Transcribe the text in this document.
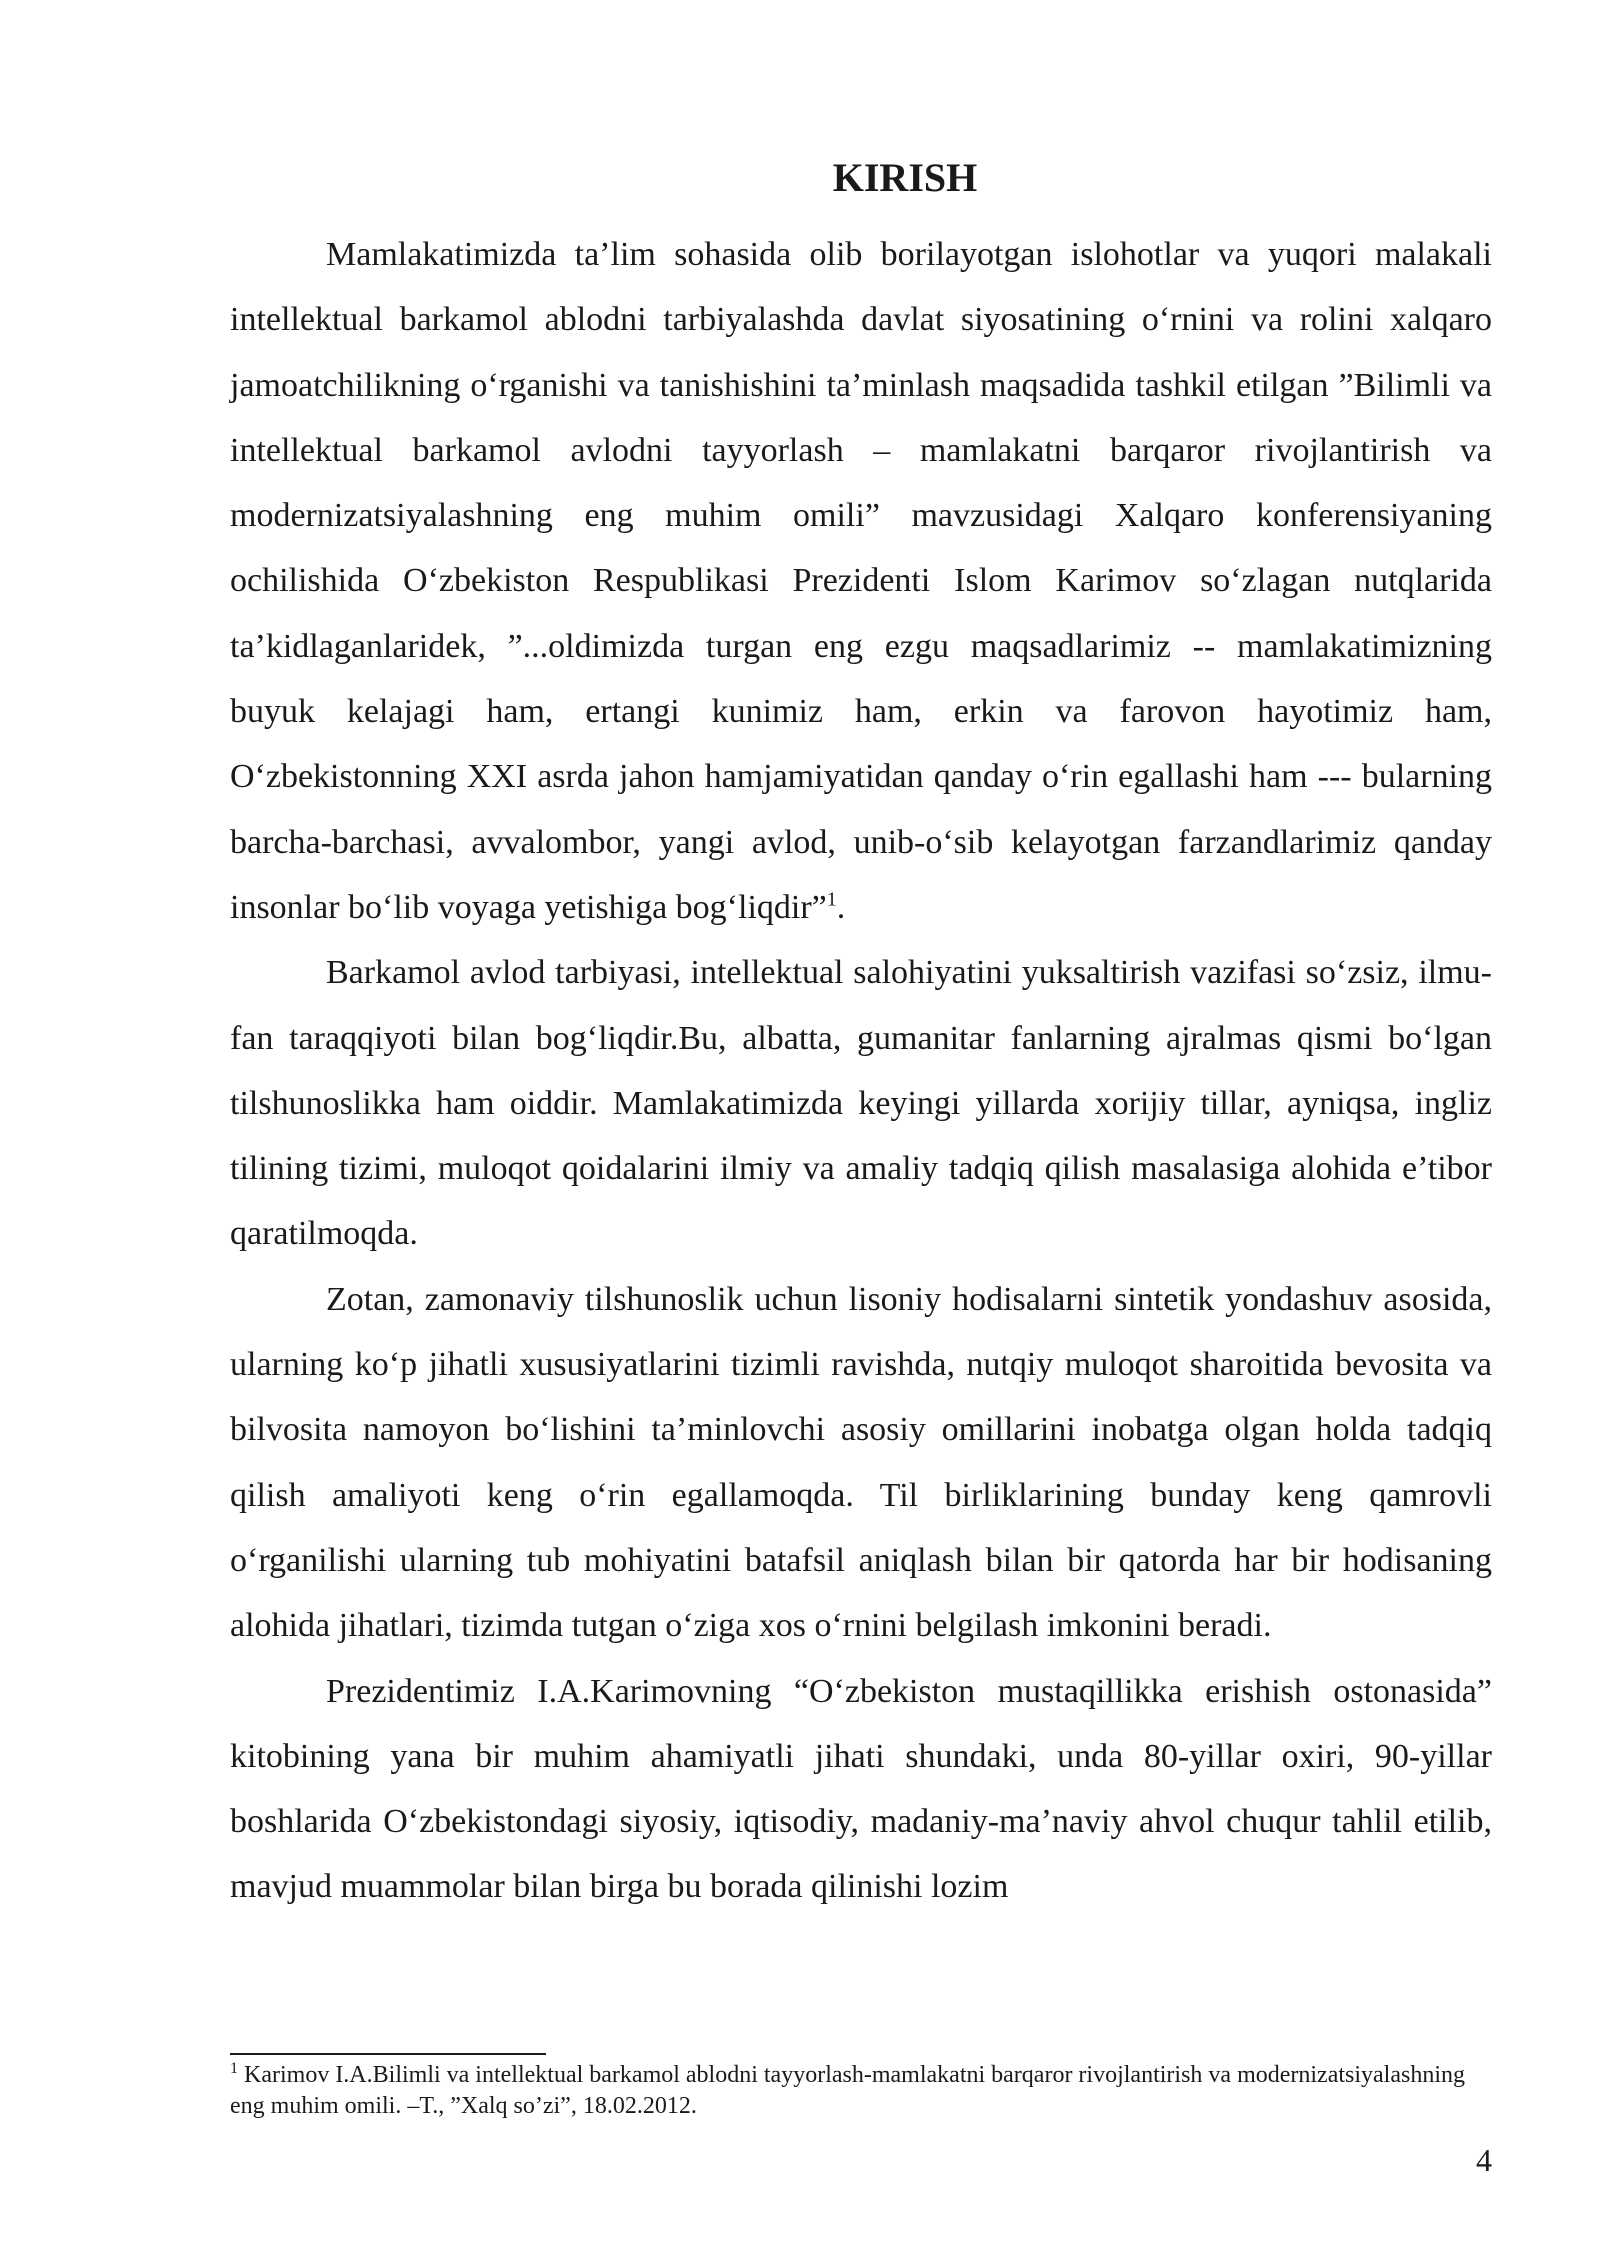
KIRISH

Mamlakatimizda ta’lim sohasida olib borilayotgan islohotlar va yuqori malakali intellektual barkamol ablodni tarbiyalashda davlat siyosatining o‘rnini va rolini xalqaro jamoatchilikning o‘rganishi va tanishishini ta’minlash maqsadida tashkil etilgan ”Bilimli va intellektual barkamol avlodni tayyorlash – mamlakatni barqaror rivojlantirish va modernizatsiyalashning eng muhim omili” mavzusidagi Xalqaro konferensiyaning ochilishida O‘zbekiston Respublikasi Prezidenti Islom Karimov so‘zlagan nutqlarida ta’kidlaganlaridek, ”...oldimizda turgan eng ezgu maqsadlarimiz -- mamlakatimizning buyuk kelajagi ham, ertangi kunimiz ham, erkin va farovon hayotimiz ham, O‘zbekistonning XXI asrda jahon hamjamiyatidan qanday o‘rin egallashi ham --- bularning barcha-barchasi, avvalombor, yangi avlod, unib-o‘sib kelayotgan farzandlarimiz qanday insonlar bo‘lib voyaga yetishiga bog‘liqdir”$^1$.

Barkamol avlod tarbiyasi, intellektual salohiyatini yuksaltirish vazifasi so‘zsiz, ilmu-fan taraqqiyoti bilan bog‘liqdir.Bu, albatta, gumanitar fanlarning ajralmas qismi bo‘lgan tilshunoslikka ham oiddir. Mamlakatimizda keyingi yillarda xorijiy tillar, ayniqsa, ingliz tilining tizimi, muloqot qoidalarini ilmiy va amaliy tadqiq qilish masalasiga alohida e’tibor qaratilmoqda.

Zotan, zamonaviy tilshunoslik uchun lisoniy hodisalarni sintetik yondashuv asosida, ularning ko‘p jihatli xususiyatlarini tizimli ravishda, nutqiy muloqot sharoitida bevosita va bilvosita namoyon bo‘lishini ta’minlovchi asosiy omillarini inobatga olgan holda tadqiq qilish amaliyoti keng o‘rin egallamoqda. Til birliklarining bunday keng qamrovli o‘rganilishi ularning tub mohiyatini batafsil aniqlash bilan bir qatorda har bir hodisaning alohida jihatlari, tizimda tutgan o‘ziga xos o‘rnini belgilash imkonini beradi.

Prezidentimiz I.A.Karimovning “O‘zbekiston mustaqillikka erishish ostonasida” kitobining yana bir muhim ahamiyatli jihati shundaki, unda 80-yillar oxiri, 90-yillar boshlarida O‘zbekistondagi siyosiy, iqtisodiy, madaniy-ma’naviy ahvol chuqur tahlil etilib, mavjud muammolar bilan birga bu borada qilinishi lozim

$^1$ Karimov I.A.Bilimli va intellektual barkamol ablodni tayyorlash-mamlakatni barqaror rivojlantirish va modernizatsiyalashning eng muhim omili. –T., ”Xalq so’zi”, 18.02.2012.

4
